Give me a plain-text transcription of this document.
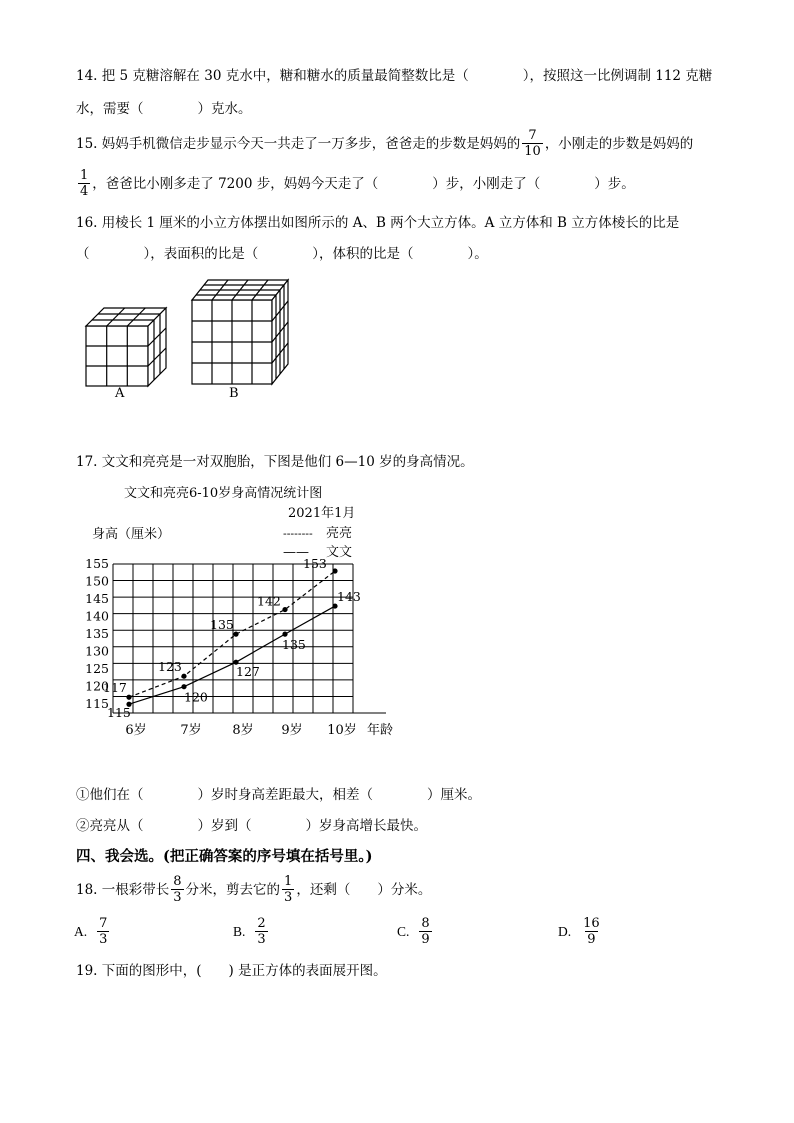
14. 把 5 克糖溶解在 30 克水中，糖和糖水的质量最简整数比是（　　　　），按照这一比例调制 112 克糖
水，需要（　　　　）克水。
15. 妈妈手机微信走步显示今天一共走了一万多步，爸爸走的步数是妈妈的 $\frac{7}{10}$ ，小刚走的步数是妈妈的
$\frac{1}{4}$ ，爸爸比小刚多走了 7200 步，妈妈今天走了（　　　　）步，小刚走了（　　　　）步。
16. 用棱长 1 厘米的小立方体摆出如图所示的 A、B 两个大立方体。A 立方体和 B 立方体棱长的比是
（　　　　），表面积的比是（　　　　），体积的比是（　　　　）。
A	B
17. 文文和亮亮是一对双胞胎，下图是他们 6—10 岁的身高情况。
文文和亮亮6-10岁身高情况统计图
2021年1月
-------- 亮亮
—— 文文
身高（厘米）
115
120
125
130
135
140
145
150
155
6岁	7岁 8岁 9岁 10岁
117
123
135
142
153
115
120
127
135
143
年龄
①他们在（　　　　）岁时身高差距最大，相差（　　　　）厘米。
②亮亮从（　　　　）岁到（　　　　）岁身高增长最快。
四、我会选。(把正确答案的序号填在括号里。)
18. 一根彩带长 $\frac{8}{3}$ 分米，剪去它的 $\frac{1}{3}$ ，还剩（　　）分米。
A. $\frac{7}{3}$	B. $\frac{2}{3}$	C. $\frac{8}{9}$	D. $\frac{16}{9}$
19. 下面的图形中，(　　) 是正方体的表面展开图。
